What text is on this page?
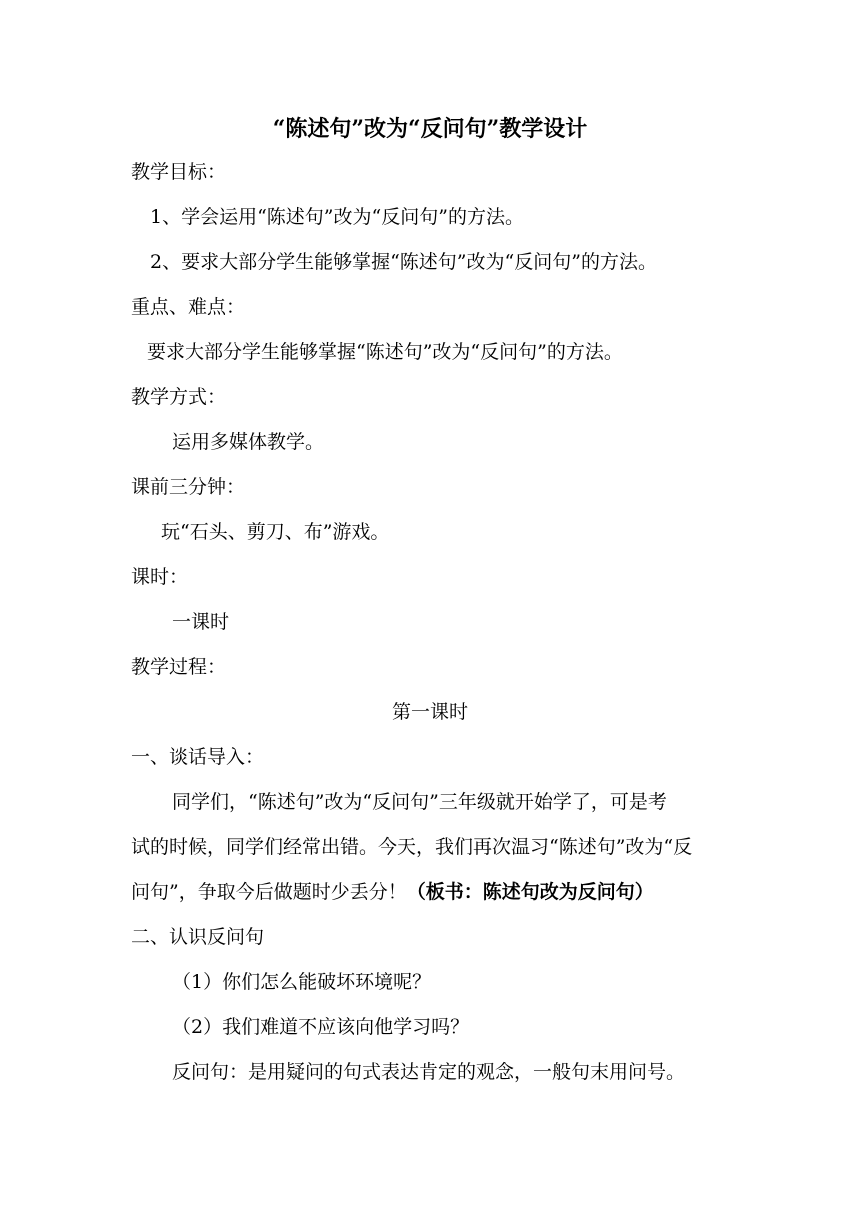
“陈述句”改为“反问句”教学设计
教学目标：
1、学会运用“陈述句”改为“反问句”的方法。
2、要求大部分学生能够掌握“陈述句”改为“反问句”的方法。
重点、难点：
要求大部分学生能够掌握“陈述句”改为“反问句”的方法。
教学方式：
运用多媒体教学。
课前三分钟：
玩“石头、剪刀、布”游戏。
课时：
一课时
教学过程：
第一课时
一、谈话导入：
同学们，“陈述句”改为“反问句”三年级就开始学了，可是考
试的时候，同学们经常出错。今天，我们再次温习“陈述句”改为“反
问句”，争取今后做题时少丢分！（板书：陈述句改为反问句）
二、认识反问句
（1）你们怎么能破坏环境呢？
（2）我们难道不应该向他学习吗？
反问句：是用疑问的句式表达肯定的观念，一般句末用问号。
